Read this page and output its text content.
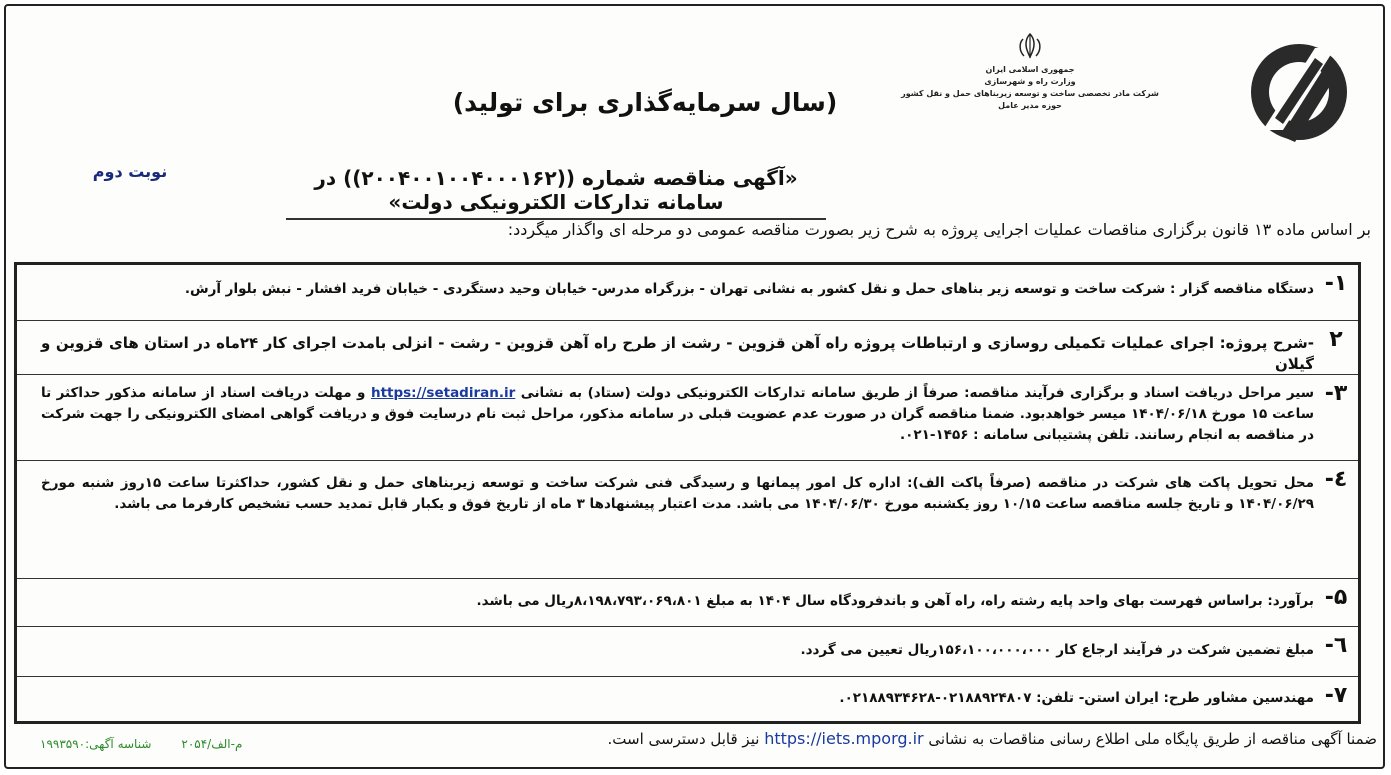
جمهوری اسلامی ایران
وزارت راه و شهرسازی
شرکت مادر تخصصی ساخت و توسعه زیربناهای حمل و نقل کشور
حوزه مدیر عامل
(سال سرمایه‌گذاری برای تولید)
نوبت دوم	«آگهی مناقصه شماره ((۲۰۰۴۰۰۱۰۰۴۰۰۰۱۶۲)) در سامانه تدارکات الکترونیکی دولت»
بر اساس ماده ۱۳ قانون برگزاری مناقصات عملیات اجرایی پروژه به شرح زیر بصورت مناقصه عمومی دو مرحله ای واگذار میگردد:
۱-
دستگاه مناقصه گزار : شرکت ساخت و توسعه زیر بناهای حمل و نقل کشور به نشانی تهران - بزرگراه مدرس- خیابان وحید دستگردی - خیابان فرید افشار - نبش بلوار آرش.
۲
-شرح پروژه: اجرای عملیات تکمیلی روسازی و ارتباطات پروژه راه آهن قزوین - رشت از طرح راه آهن قزوین - رشت - انزلی بامدت اجرای کار ۲۴ماه در استان های قزوین و گیلان
۳-
سیر مراحل دریافت اسناد و برگزاری فرآیند مناقصه: صرفاً از طریق سامانه تدارکات الکترونیکی دولت (ستاد) به نشانی https://setadiran.ir و مهلت دریافت اسناد از سامانه مذکور حداکثر تا ساعت ۱۵ مورخ ۱۴۰۴/۰۶/۱۸ میسر خواهدبود. ضمنا مناقصه گران در صورت عدم عضویت قبلی در سامانه مذکور، مراحل ثبت نام درسایت فوق و دریافت گواهی امضای الکترونیکی را جهت شرکت در مناقصه به انجام رسانند. تلفن پشتیبانی سامانه : ۱۴۵۶-۰۲۱.
٤-
محل تحویل پاکت های شرکت در مناقصه (صرفاً پاکت الف): اداره کل امور پیمانها و رسیدگی فنی شرکت ساخت و توسعه زیربناهای حمل و نقل کشور، حداکثرتا ساعت ۱۵روز شنبه مورخ ۱۴۰۴/۰۶/۲۹ و تاریخ جلسه مناقصه ساعت ۱۰/۱۵ روز یکشنبه مورخ ۱۴۰۴/۰۶/۳۰ می باشد. مدت اعتبار پیشنهادها ۳ ماه از تاریخ فوق و یکبار قابل تمدید حسب تشخیص کارفرما می باشد.
۵-
برآورد: براساس فهرست بهای واحد پایه رشته راه، راه آهن و باندفرودگاه سال ۱۴۰۴ به مبلغ ۸،۱۹۸،۷۹۳،۰۶۹،۸۰۱ریال می باشد.
٦-
مبلغ تضمین شرکت در فرآیند ارجاع کار ۱۵۶،۱۰۰،۰۰۰،۰۰۰ریال تعیین می گردد.
۷-
مهندسین مشاور طرح: ایران استن- تلفن: ۰۲۱۸۸۹۲۴۸۰۷-۰۲۱۸۸۹۳۴۶۲۸.
ضمنا آگهی مناقصه از طریق پایگاه ملی اطلاع رسانی مناقصات به نشانی https://iets.mporg.ir نیز قابل دسترسی است.
م-الف/۲۰۵۴
شناسه آگهی:۱۹۹۳۵۹۰
